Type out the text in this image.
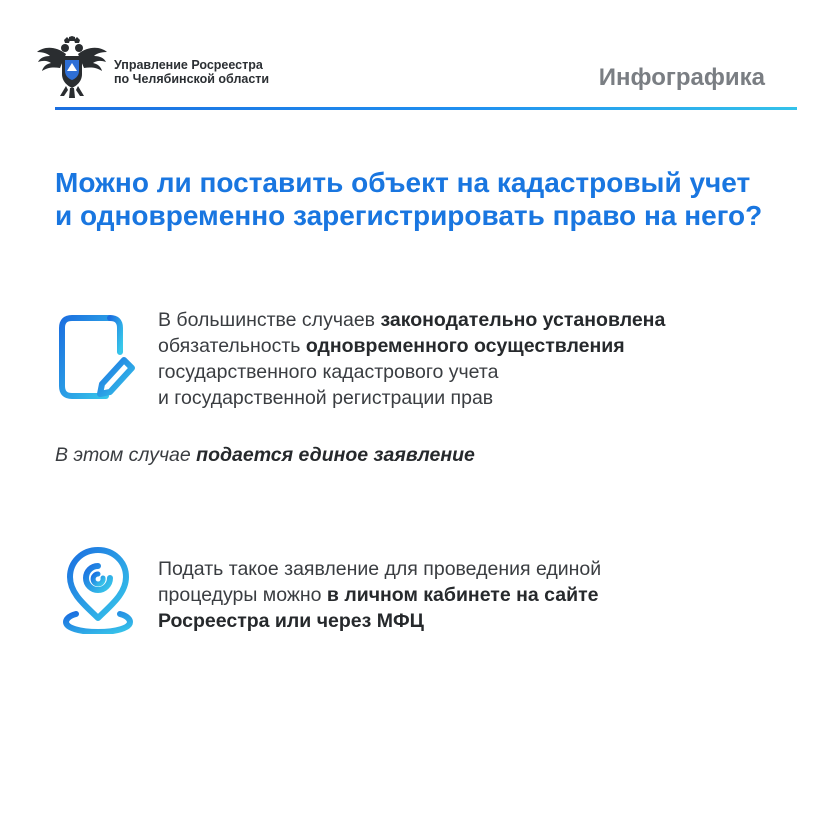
Управление Росреестра
по Челябинской области	Инфографика
Можно ли поставить объект на кадастровый учет
и одновременно зарегистрировать право на него?
В большинстве случаев законодательно установлена
обязательность одновременного осуществления
государственного кадастрового учета
и государственной регистрации прав
В этом случае подается единое заявление
Подать такое заявление для проведения единой
процедуры можно в личном кабинете на сайте
Росреестра или через МФЦ
